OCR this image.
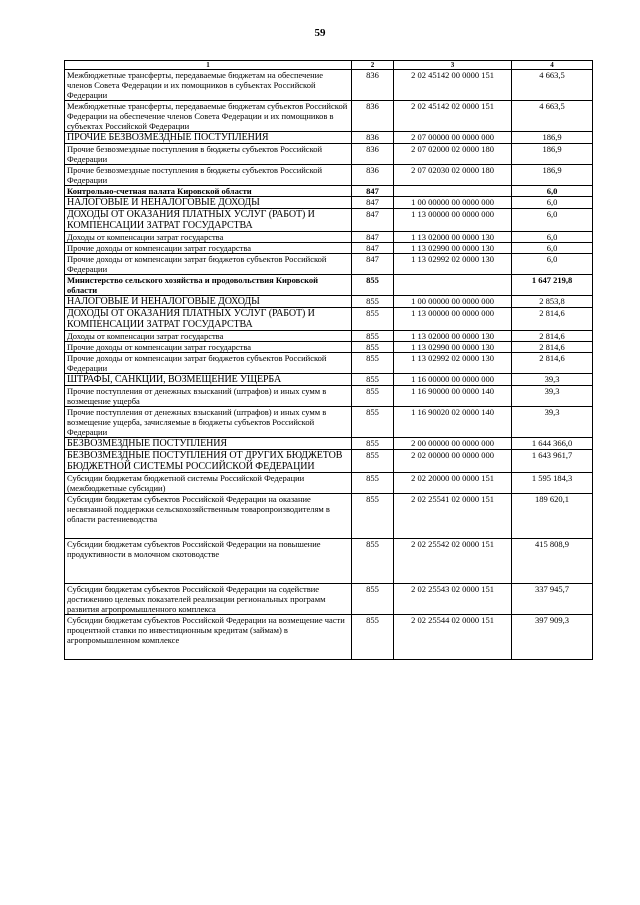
59
1	2	3	4
Межбюджетные трансферты, передаваемые бюджетам на обеспечение членов Совета Федерации и их помощников в субъектах Российской Федерации	836	2 02 45142 00 0000 151	4 663,5
Межбюджетные трансферты, передаваемые бюджетам субъектов Российской Федерации на обеспечение членов Совета Федерации и их помощников в субъектах Российской Федерации	836	2 02 45142 02 0000 151	4 663,5
ПРОЧИЕ БЕЗВОЗМЕЗДНЫЕ ПОСТУПЛЕНИЯ	836	2 07 00000 00 0000 000	186,9
Прочие безвозмездные поступления в бюджеты субъектов Российской Федерации	836	2 07 02000 02 0000 180	186,9
Прочие безвозмездные поступления в бюджеты субъектов Российской Федерации	836	2 07 02030 02 0000 180	186,9
Контрольно-счетная палата Кировской области	847		6,0
НАЛОГОВЫЕ И НЕНАЛОГОВЫЕ ДОХОДЫ	847	1 00 00000 00 0000 000	6,0
ДОХОДЫ ОТ ОКАЗАНИЯ ПЛАТНЫХ УСЛУГ (РАБОТ) И КОМПЕНСАЦИИ ЗАТРАТ ГОСУДАРСТВА	847	1 13 00000 00 0000 000	6,0
Доходы от компенсации затрат государства	847	1 13 02000 00 0000 130	6,0
Прочие доходы от компенсации затрат государства	847	1 13 02990 00 0000 130	6,0
Прочие доходы от компенсации затрат бюджетов субъектов Российской Федерации	847	1 13 02992 02 0000 130	6,0
Министерство сельского хозяйства и продовольствия Кировской области	855		1 647 219,8
НАЛОГОВЫЕ И НЕНАЛОГОВЫЕ ДОХОДЫ	855	1 00 00000 00 0000 000	2 853,8
ДОХОДЫ ОТ ОКАЗАНИЯ ПЛАТНЫХ УСЛУГ (РАБОТ) И КОМПЕНСАЦИИ ЗАТРАТ ГОСУДАРСТВА	855	1 13 00000 00 0000 000	2 814,6
Доходы от компенсации затрат государства	855	1 13 02000 00 0000 130	2 814,6
Прочие доходы от компенсации затрат государства	855	1 13 02990 00 0000 130	2 814,6
Прочие доходы от компенсации затрат бюджетов субъектов Российской Федерации	855	1 13 02992 02 0000 130	2 814,6
ШТРАФЫ, САНКЦИИ, ВОЗМЕЩЕНИЕ УЩЕРБА	855	1 16 00000 00 0000 000	39,3
Прочие поступления от денежных взысканий (штрафов) и иных сумм в возмещение ущерба	855	1 16 90000 00 0000 140	39,3
Прочие поступления от денежных взысканий (штрафов) и иных сумм в возмещение ущерба, зачисляемые в бюджеты субъектов Российской Федерации	855	1 16 90020 02 0000 140	39,3
БЕЗВОЗМЕЗДНЫЕ ПОСТУПЛЕНИЯ	855	2 00 00000 00 0000 000	1 644 366,0
БЕЗВОЗМЕЗДНЫЕ ПОСТУПЛЕНИЯ ОТ ДРУГИХ БЮДЖЕТОВ БЮДЖЕТНОЙ СИСТЕМЫ РОССИЙСКОЙ ФЕДЕРАЦИИ	855	2 02 00000 00 0000 000	1 643 961,7
Субсидии бюджетам бюджетной системы Российской Федерации (межбюджетные субсидии)	855	2 02 20000 00 0000 151	1 595 184,3
Субсидии бюджетам субъектов Российской Федерации на оказание несвязанной поддержки сельскохозяйственным товаропроизводителям в области растениеводства	855	2 02 25541 02 0000 151	189 620,1
Субсидии бюджетам субъектов Российской Федерации на повышение продуктивности в молочном скотоводстве	855	2 02 25542 02 0000 151	415 808,9
Субсидии бюджетам субъектов Российской Федерации на содействие достижению целевых показателей реализации региональных программ развития агропромышленного комплекса	855	2 02 25543 02 0000 151	337 945,7
Субсидии бюджетам субъектов Российской Федерации на возмещение части процентной ставки по инвестиционным кредитам (займам) в агропромышленном комплексе	855	2 02 25544 02 0000 151	397 909,3
